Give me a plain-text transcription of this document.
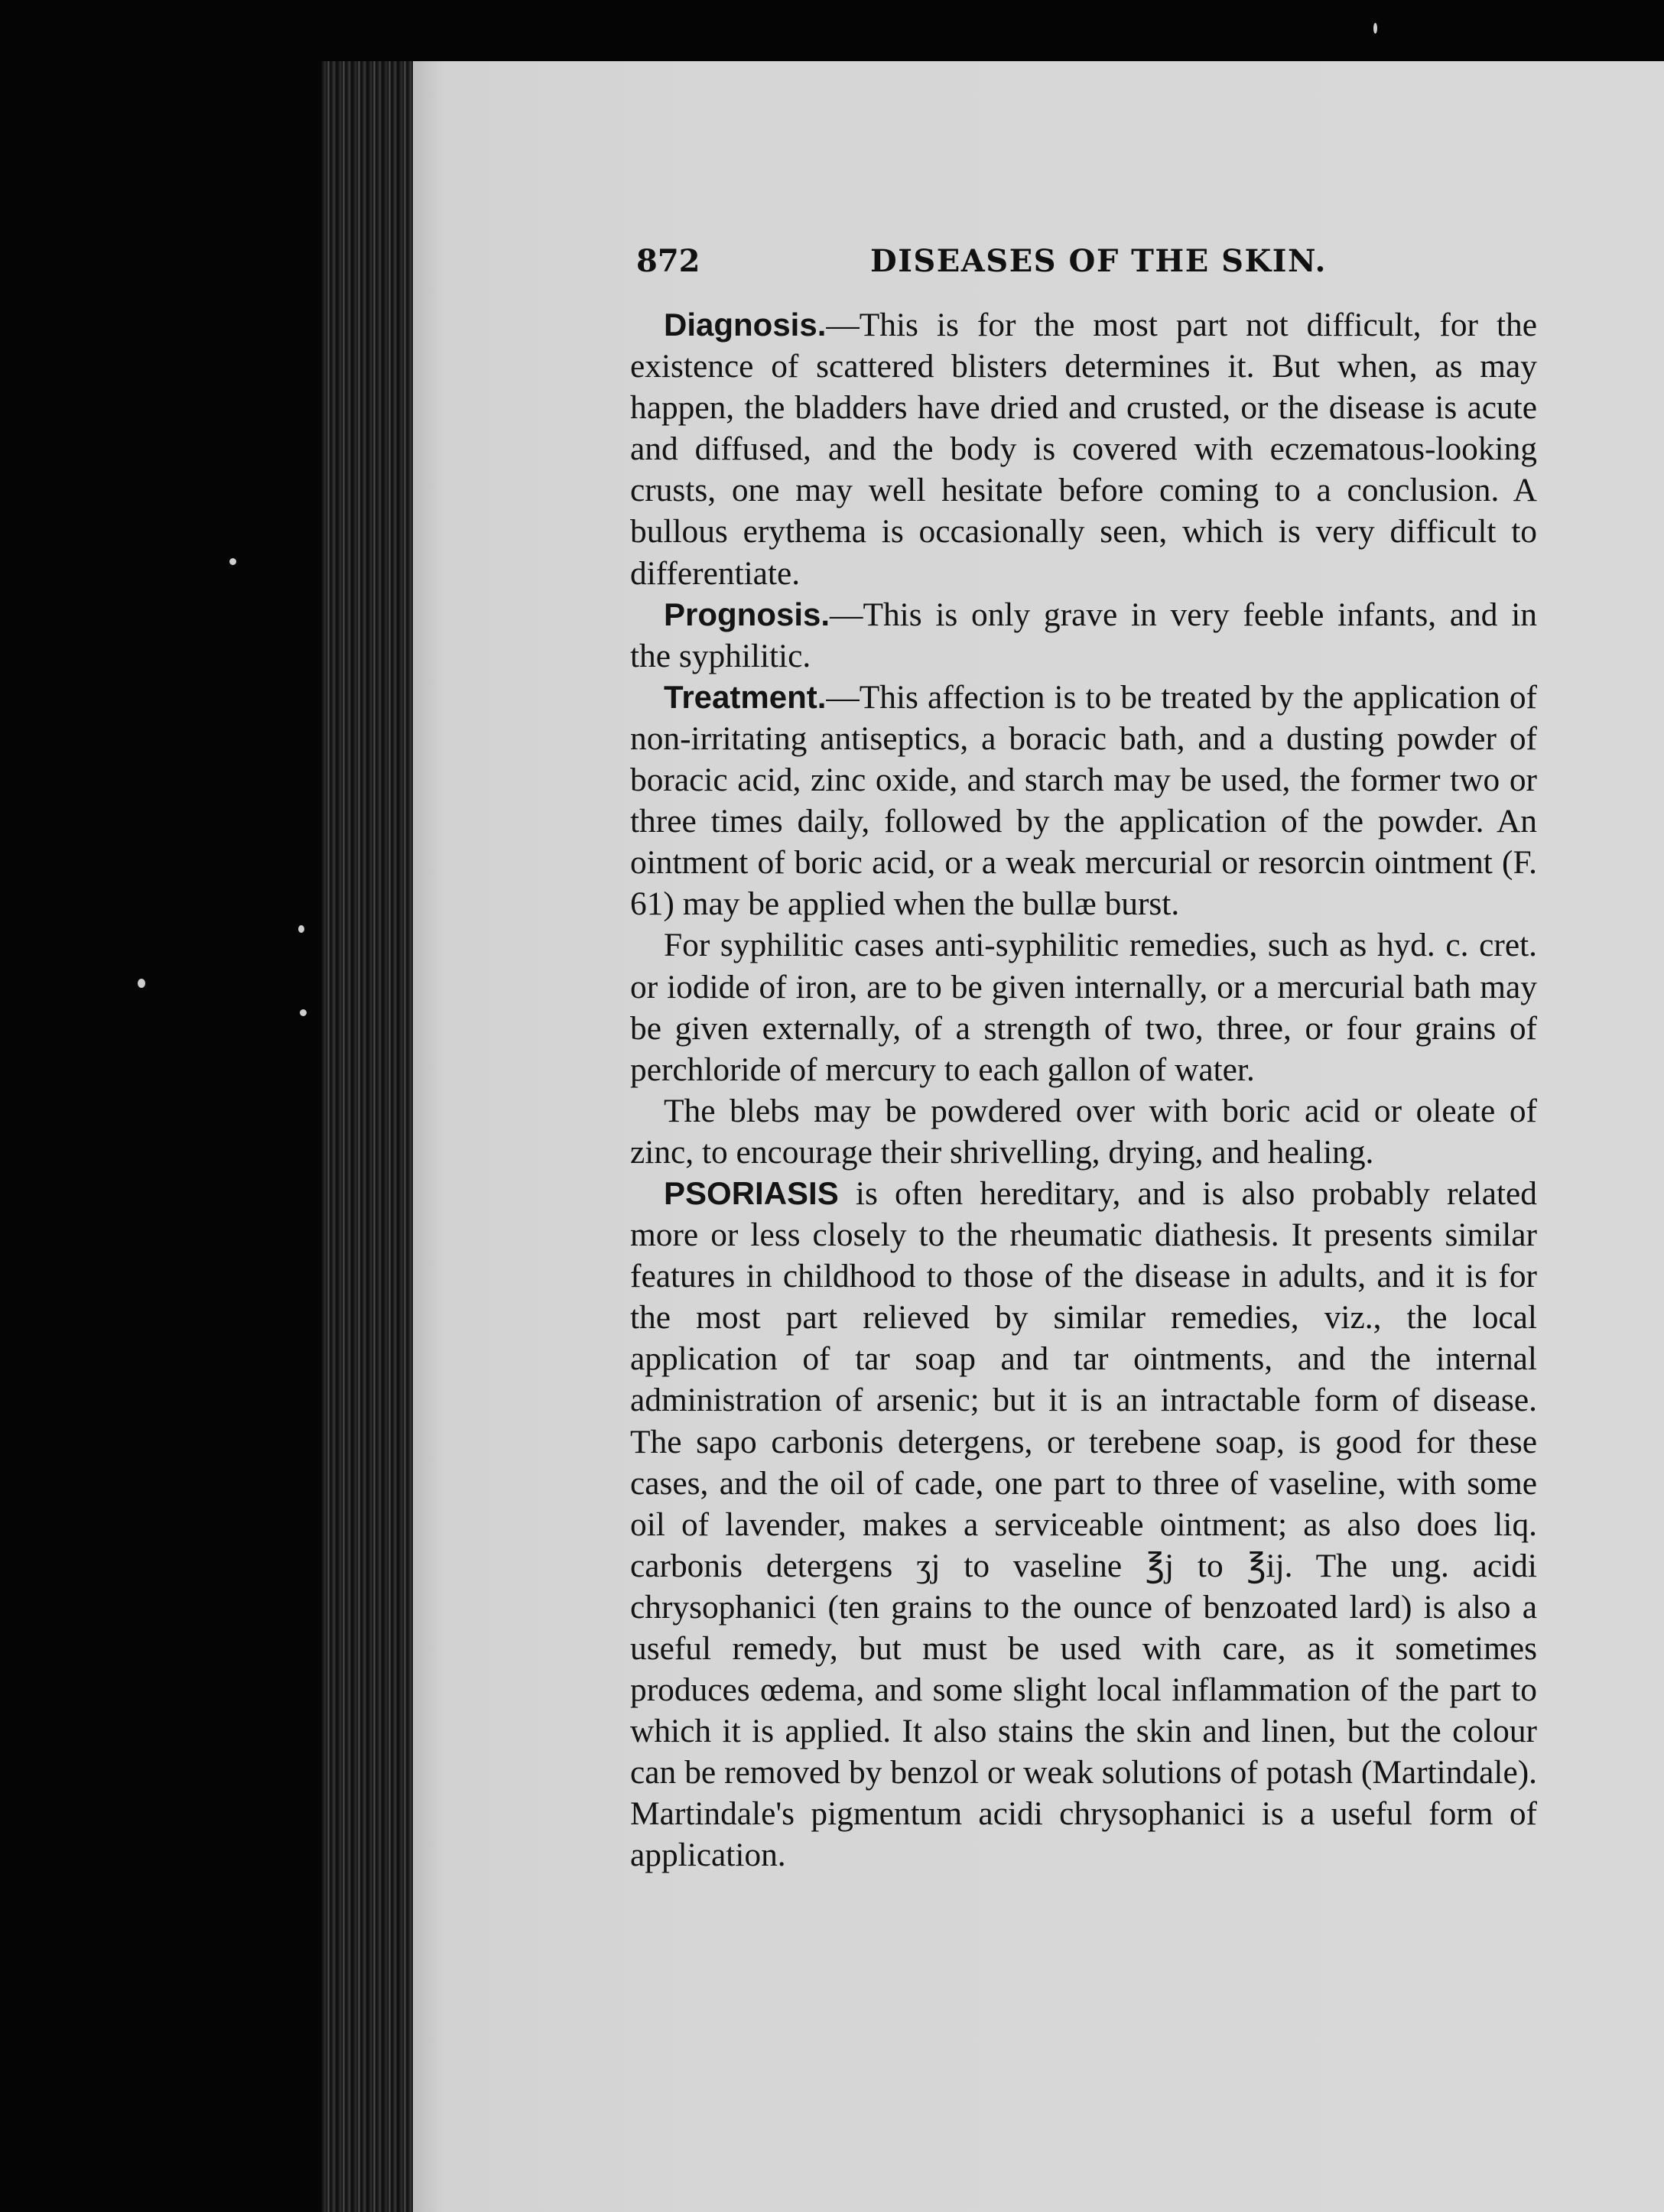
872	DISEASES OF THE SKIN.

Diagnosis.—This is for the most part not difficult, for the existence of scattered blisters determines it. But when, as may happen, the bladders have dried and crusted, or the disease is acute and diffused, and the body is covered with eczematous-looking crusts, one may well hesitate before coming to a conclusion. A bullous erythema is occasionally seen, which is very difficult to differentiate.

Prognosis.—This is only grave in very feeble infants, and in the syphilitic.

Treatment.—This affection is to be treated by the application of non-irritating antiseptics, a boracic bath, and a dusting powder of boracic acid, zinc oxide, and starch may be used, the former two or three times daily, followed by the application of the powder. An ointment of boric acid, or a weak mercurial or resorcin ointment (F. 61) may be applied when the bullæ burst.

For syphilitic cases anti-syphilitic remedies, such as hyd. c. cret. or iodide of iron, are to be given internally, or a mercurial bath may be given externally, of a strength of two, three, or four grains of perchloride of mercury to each gallon of water.

The blebs may be powdered over with boric acid or oleate of zinc, to encourage their shrivelling, drying, and healing.

PSORIASIS is often hereditary, and is also probably related more or less closely to the rheumatic diathesis. It presents similar features in childhood to those of the disease in adults, and it is for the most part relieved by similar remedies, viz., the local application of tar soap and tar ointments, and the internal administration of arsenic; but it is an intractable form of disease. The sapo carbonis detergens, or terebene soap, is good for these cases, and the oil of cade, one part to three of vaseline, with some oil of lavender, makes a serviceable ointment; as also does liq. carbonis detergens ʒj to vaseline ℥j to ℥ij. The ung. acidi chrysophanici (ten grains to the ounce of benzoated lard) is also a useful remedy, but must be used with care, as it sometimes produces œdema, and some slight local inflammation of the part to which it is applied. It also stains the skin and linen, but the colour can be removed by benzol or weak solutions of potash (Martindale). Martindale's pigmentum acidi chrysophanici is a useful form of application.
